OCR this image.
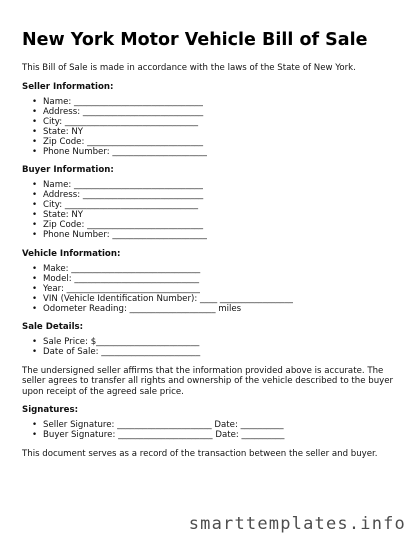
New York Motor Vehicle Bill of Sale

This Bill of Sale is made in accordance with the laws of the State of New York.

Seller Information:
• Name: ______________________________
• Address: ____________________________
• City: _______________________________
• State: NY
• Zip Code: ___________________________
• Phone Number: ______________________
Buyer Information:
• Name: ______________________________
• Address: ____________________________
• City: _______________________________
• State: NY
• Zip Code: ___________________________
• Phone Number: ______________________
Vehicle Information:
• Make: ______________________________
• Model: _____________________________
• Year: _______________________________
• VIN (Vehicle Identification Number): ____ _________________
• Odometer Reading: ____________________ miles
Sale Details:
• Sale Price: $________________________
• Date of Sale: _______________________

The undersigned seller affirms that the information provided above is accurate. The seller agrees to transfer all rights and ownership of the vehicle described to the buyer upon receipt of the agreed sale price.

Signatures:
• Seller Signature: ______________________ Date: __________
• Buyer Signature: ______________________ Date: __________

This document serves as a record of the transaction between the seller and buyer.

smarttemplates.info
